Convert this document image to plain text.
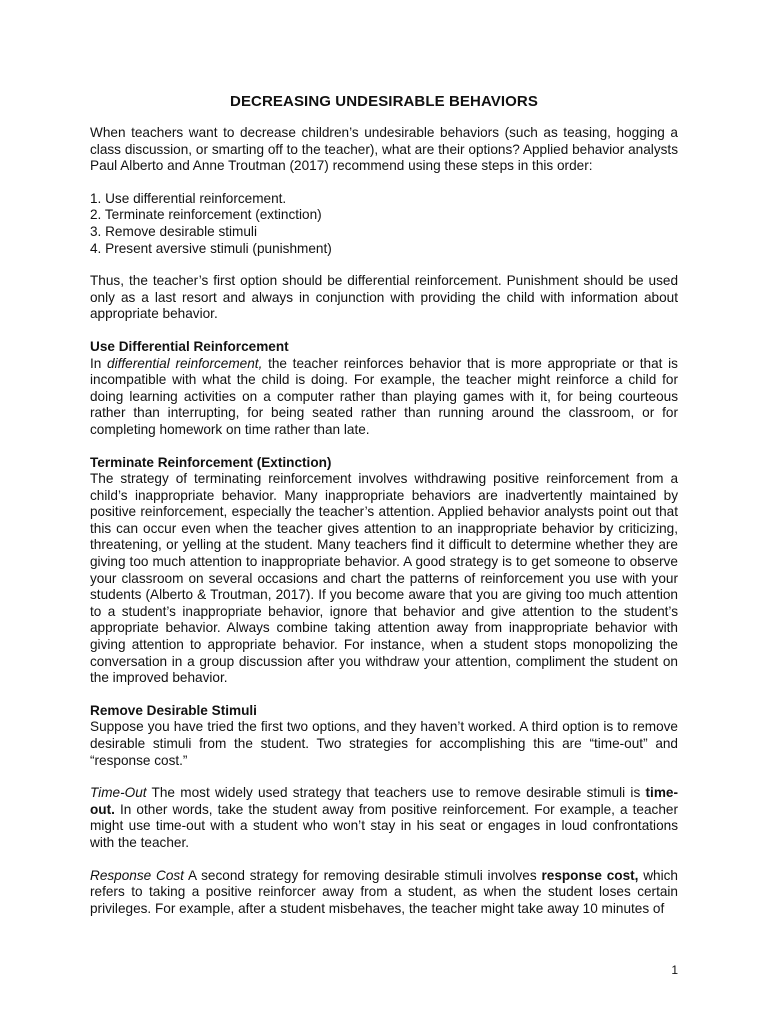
DECREASING UNDESIRABLE BEHAVIORS

When teachers want to decrease children’s undesirable behaviors (such as teasing, hogging a class discussion, or smarting off to the teacher), what are their options? Applied behavior analysts Paul Alberto and Anne Troutman (2017) recommend using these steps in this order:

1. Use differential reinforcement.
2. Terminate reinforcement (extinction)
3. Remove desirable stimuli
4. Present aversive stimuli (punishment)

Thus, the teacher’s first option should be differential reinforcement. Punishment should be used only as a last resort and always in conjunction with providing the child with information about appropriate behavior.

Use Differential Reinforcement

In differential reinforcement, the teacher reinforces behavior that is more appropriate or that is incompatible with what the child is doing. For example, the teacher might reinforce a child for doing learning activities on a computer rather than playing games with it, for being courteous rather than interrupting, for being seated rather than running around the classroom, or for completing homework on time rather than late.

Terminate Reinforcement (Extinction)

The strategy of terminating reinforcement involves withdrawing positive reinforcement from a child’s inappropriate behavior. Many inappropriate behaviors are inadvertently maintained by positive reinforcement, especially the teacher’s attention. Applied behavior analysts point out that this can occur even when the teacher gives attention to an inappropriate behavior by criticizing, threatening, or yelling at the student. Many teachers find it difficult to determine whether they are giving too much attention to inappropriate behavior. A good strategy is to get someone to observe your classroom on several occasions and chart the patterns of reinforcement you use with your students (Alberto & Troutman, 2017). If you become aware that you are giving too much attention to a student’s inappropriate behavior, ignore that behavior and give attention to the student’s appropriate behavior. Always combine taking attention away from inappropriate behavior with giving attention to appropriate behavior. For instance, when a student stops monopolizing the conversation in a group discussion after you withdraw your attention, compliment the student on the improved behavior.

Remove Desirable Stimuli

Suppose you have tried the first two options, and they haven’t worked. A third option is to remove desirable stimuli from the student. Two strategies for accomplishing this are “time-out” and “response cost.”

Time-Out The most widely used strategy that teachers use to remove desirable stimuli is time-out. In other words, take the student away from positive reinforcement. For example, a teacher might use time-out with a student who won’t stay in his seat or engages in loud confrontations with the teacher.

Response Cost A second strategy for removing desirable stimuli involves response cost, which refers to taking a positive reinforcer away from a student, as when the student loses certain privileges. For example, after a student misbehaves, the teacher might take away 10 minutes of

1
